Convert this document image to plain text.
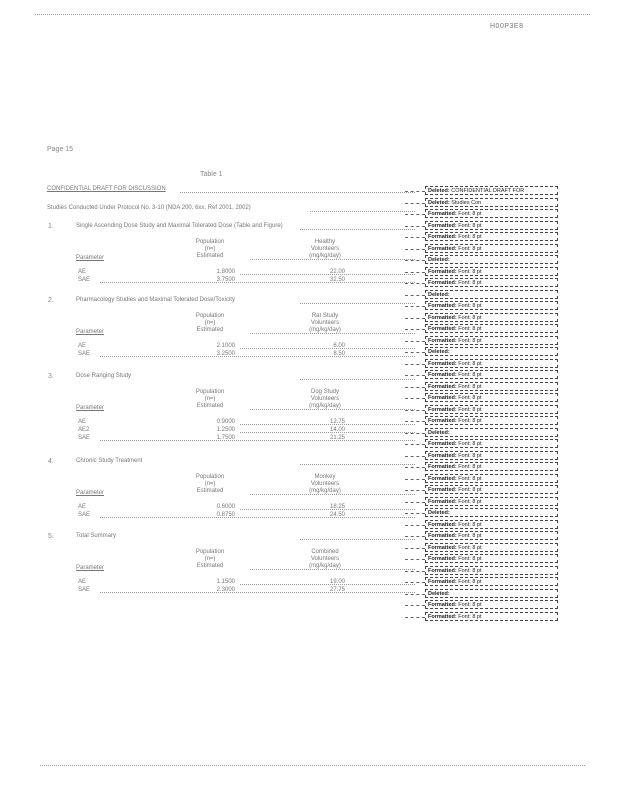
H00P3E8
Page 15
Table 1
CONFIDENTIAL DRAFT FOR DISCUSSION
Studies Conducted Under Protocol No. 3-10 (NDA 200, 6xx, Ref 2001, 2002)
1.	Single Ascending Dose Study and Maximal Tolerated Dose (Table and Figure)
Population
(n=)
Estimated
Healthy
Volunteers
(mg/kg/day)
Parameter
AE	1.8000	22.00
SAE	3.7500	32.50
2.	Pharmacology Studies and Maximal Tolerated Dose/Toxicity
Population
(n=)
Estimated
Rat Study
Volunteers
(mg/kg/day)
Parameter
AE	2.1000	6.00
SAE	3.2500	8.50
3.	Dose Ranging Study
Population
(n=)
Estimated
Dog Study
Volunteers
(mg/kg/day)
Parameter
AE	0.9000	12.75
AE2	1.2500	14.00
SAE	1.7500	21.25
4.	Chronic Study Treatment
Population
(n=)
Estimated
Monkey
Volunteers
(mg/kg/day)
Parameter
AE	0.6000	18.25
SAE	0.8750	24.50
5.	Total Summary
Population
(n=)
Estimated
Combined
Volunteers
(mg/kg/day)
Parameter
AE	1.1500	19.00
SAE	2.3000	27.75
Deleted: CONFIDENTIAL DRAFT FOR
Deleted: Studies Con
Formatted: Font: 8 pt
Formatted: Font: 8 pt
Formatted: Font: 8 pt
Formatted: Font: 8 pt
Deleted:
Formatted: Font: 8 pt
Formatted: Font: 8 pt
Deleted:
Formatted: Font: 8 pt
Formatted: Font: 8 pt
Formatted: Font: 8 pt
Formatted: Font: 8 pt
Deleted:
Formatted: Font: 8 pt
Formatted: Font: 8 pt
Formatted: Font: 8 pt
Formatted: Font: 8 pt
Formatted: Font: 8 pt
Formatted: Font: 8 pt
Deleted:
Formatted: Font: 8 pt
Formatted: Font: 8 pt
Formatted: Font: 8 pt
Formatted: Font: 8 pt
Formatted: Font: 8 pt
Formatted: Font: 8 pt
Deleted:
Formatted: Font: 8 pt
Formatted: Font: 8 pt
Formatted: Font: 8 pt
Formatted: Font: 8 pt
Formatted: Font: 8 pt
Formatted: Font: 8 pt
Deleted:
Formatted: Font: 8 pt
Formatted: Font: 8 pt
